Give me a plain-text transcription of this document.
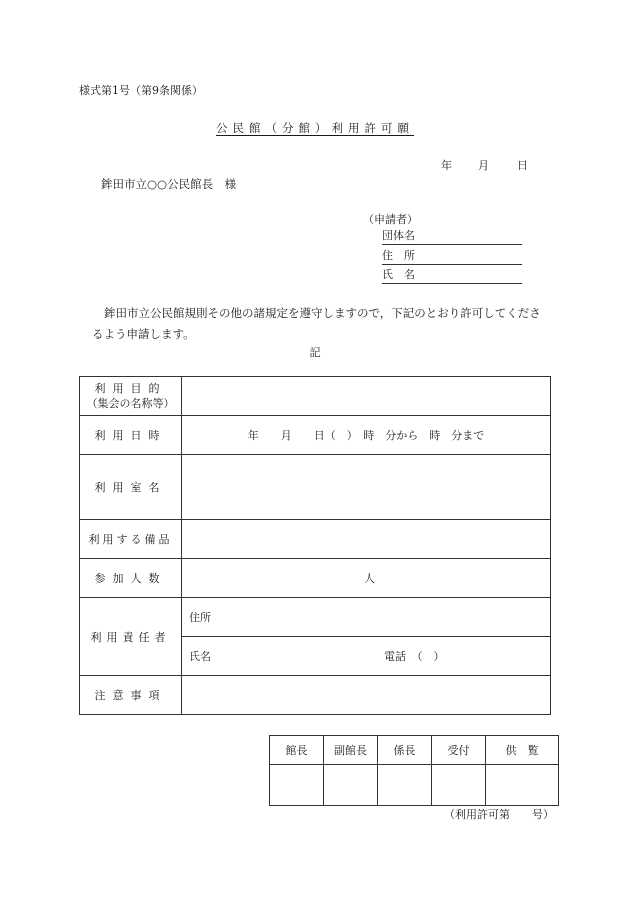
様式第1号（第9条関係）
公民館（分館）利用許可願
年 月	日
鉾田市立○○公民館長　様
（申請者）
団体名
住　所
氏　名
鉾田市立公民館規則その他の諸規定を遵守しますので，下記のとおり許可してくださるよう申請します。
記
利用目的
（集会の名称等）	

利用日時	年　　月　　日（　）　時　分から　時　分まで
利用室名	
利用する備品	
参加人数	人
利用責任者	住所
	氏名 電話　（　）
注意事項	
館長	副館長	係長	受付	供　覧

（利用許可第　　号）
